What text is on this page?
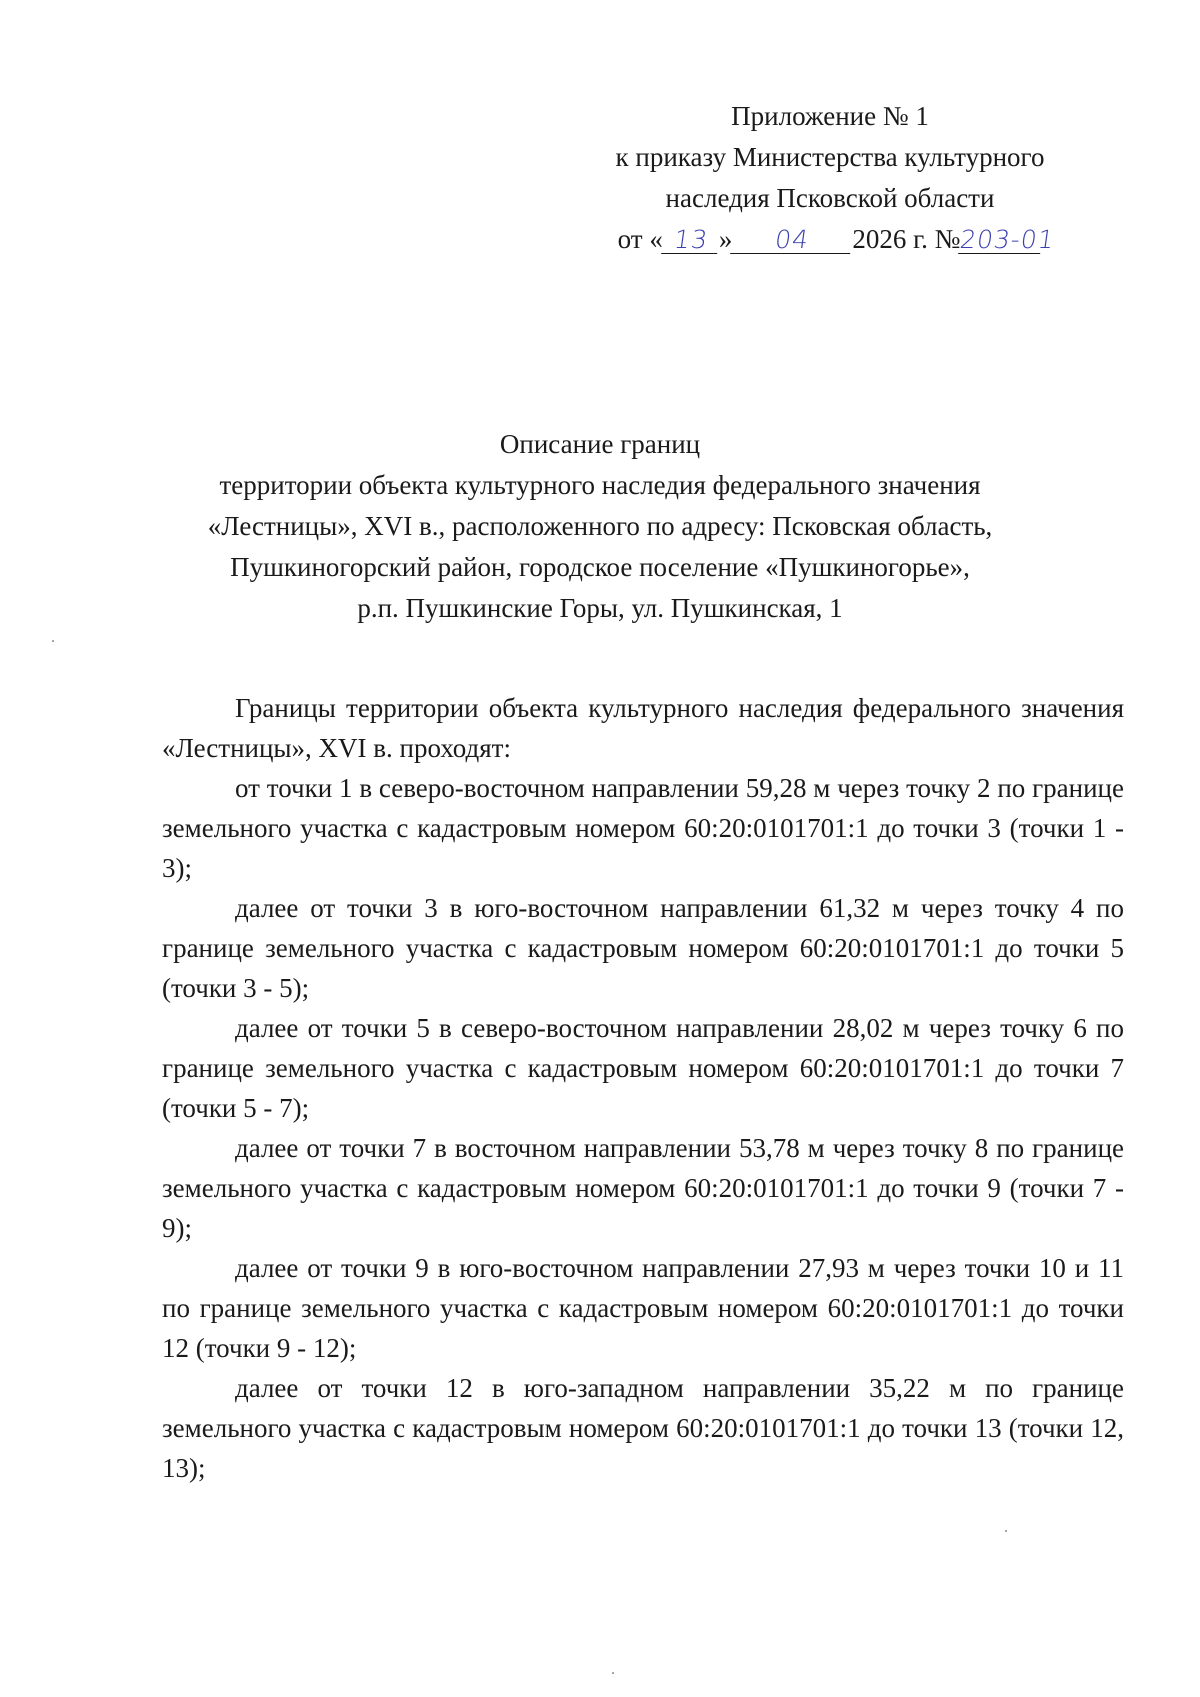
Приложение № 1
к приказу Министерства культурного
наследия Псковской области
от « 13 » 04 2026 г. №203-01
Описание границ
территории объекта культурного наследия федерального значения
«Лестницы», XVI в., расположенного по адресу: Псковская область,
Пушкиногорский район, городское поселение «Пушкиногорье»,
р.п. Пушкинские Горы, ул. Пушкинская, 1

Границы территории объекта культурного наследия федерального значения «Лестницы», XVI в. проходят:

от точки 1 в северо-восточном направлении 59,28 м через точку 2 по границе земельного участка с кадастровым номером 60:20:0101701:1 до точки 3 (точки 1 - 3);

далее от точки 3 в юго-восточном направлении 61,32 м через точку 4 по границе земельного участка с кадастровым номером 60:20:0101701:1 до точки 5 (точки 3 - 5);

далее от точки 5 в северо-восточном направлении 28,02 м через точку 6 по границе земельного участка с кадастровым номером 60:20:0101701:1 до точки 7 (точки 5 - 7);

далее от точки 7 в восточном направлении 53,78 м через точку 8 по границе земельного участка с кадастровым номером 60:20:0101701:1 до точки 9 (точки 7 - 9);

далее от точки 9 в юго-восточном направлении 27,93 м через точки 10 и 11 по границе земельного участка с кадастровым номером 60:20:0101701:1 до точки 12 (точки 9 - 12);

далее от точки 12 в юго-западном направлении 35,22 м по границе земельного участка с кадастровым номером 60:20:0101701:1 до точки 13 (точки 12, 13);
